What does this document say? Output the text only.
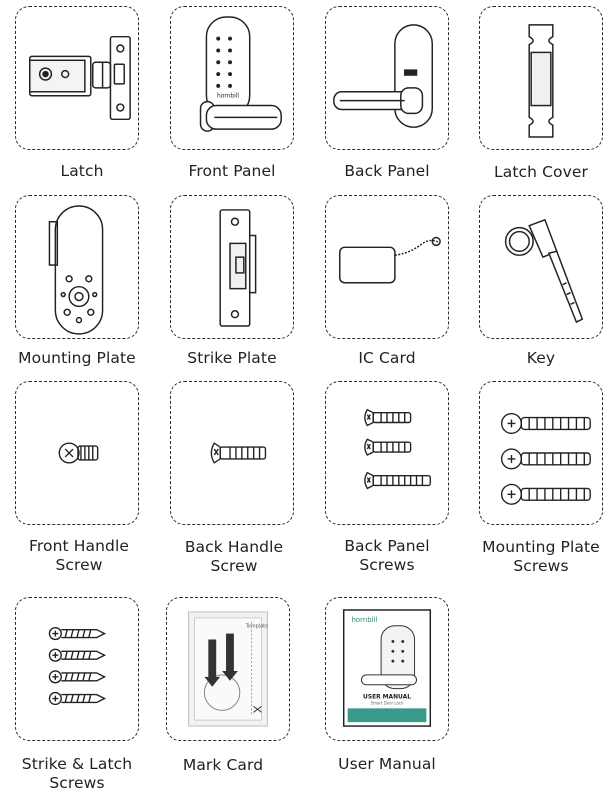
Latch
hornbill
Front Panel	Back Panel	Latch Cover
Mounting Plate	Strike Plate	IC Card	Key
Front Handle
Screw
Back Handle
Screw
Back Panel
Screws
Mounting Plate
Screws
Strike & Latch
Screws
Template
Mark Card
hornbill
USER MANUAL
Smart Door Lock
User Manual
